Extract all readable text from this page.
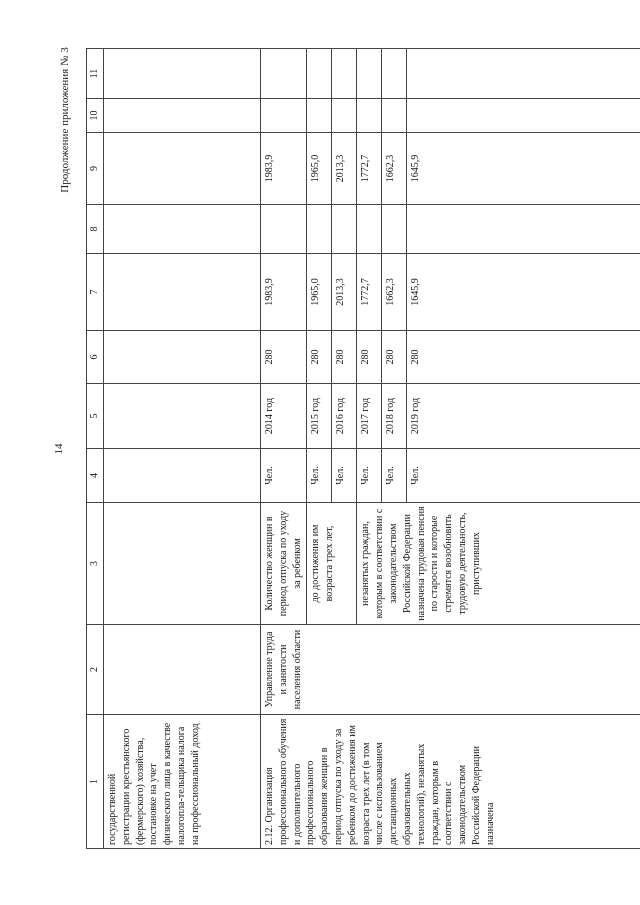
14
Продолжение приложения № 3
1	2	3	4	5	6	7	8	9	10	11
государственной регистрации крестьянского (фермерского) хозяйства, постановке на учет физического лица в качестве налогопла-тельщика налога на профессиональный доход										
2.12. Организация профессионального обучения и дополнительного профессионального образования женщин в период отпуска по уходу за ребенком до достижения им возраста трех лет (в том числе с использованием дистанционных образовательных технологий), незанятых граждан, которым в соответствии с законодательством Российской Федерации назначена	Управление труда и занятости населения области	Количество женщин в период отпуска по уходу за ребенком	Чел.	2014 год	280	1983,9		1983,9		
		до достижения им возраста трех лет,	Чел.	2015 год	280	1965,0		1965,0		
			Чел.	2016 год	280	2013,3		2013,3		
		незанятых граждан, которым в соответствии с законодательством Российской Федерации назначена трудовая пенсия по старости и которые стремятся возобновить трудовую деятельность, приступивших	Чел.	2017 год	280	1772,7		1772,7		
			Чел.	2018 год	280	1662,3		1662,3		
			Чел.	2019 год	280	1645,9		1645,9		
